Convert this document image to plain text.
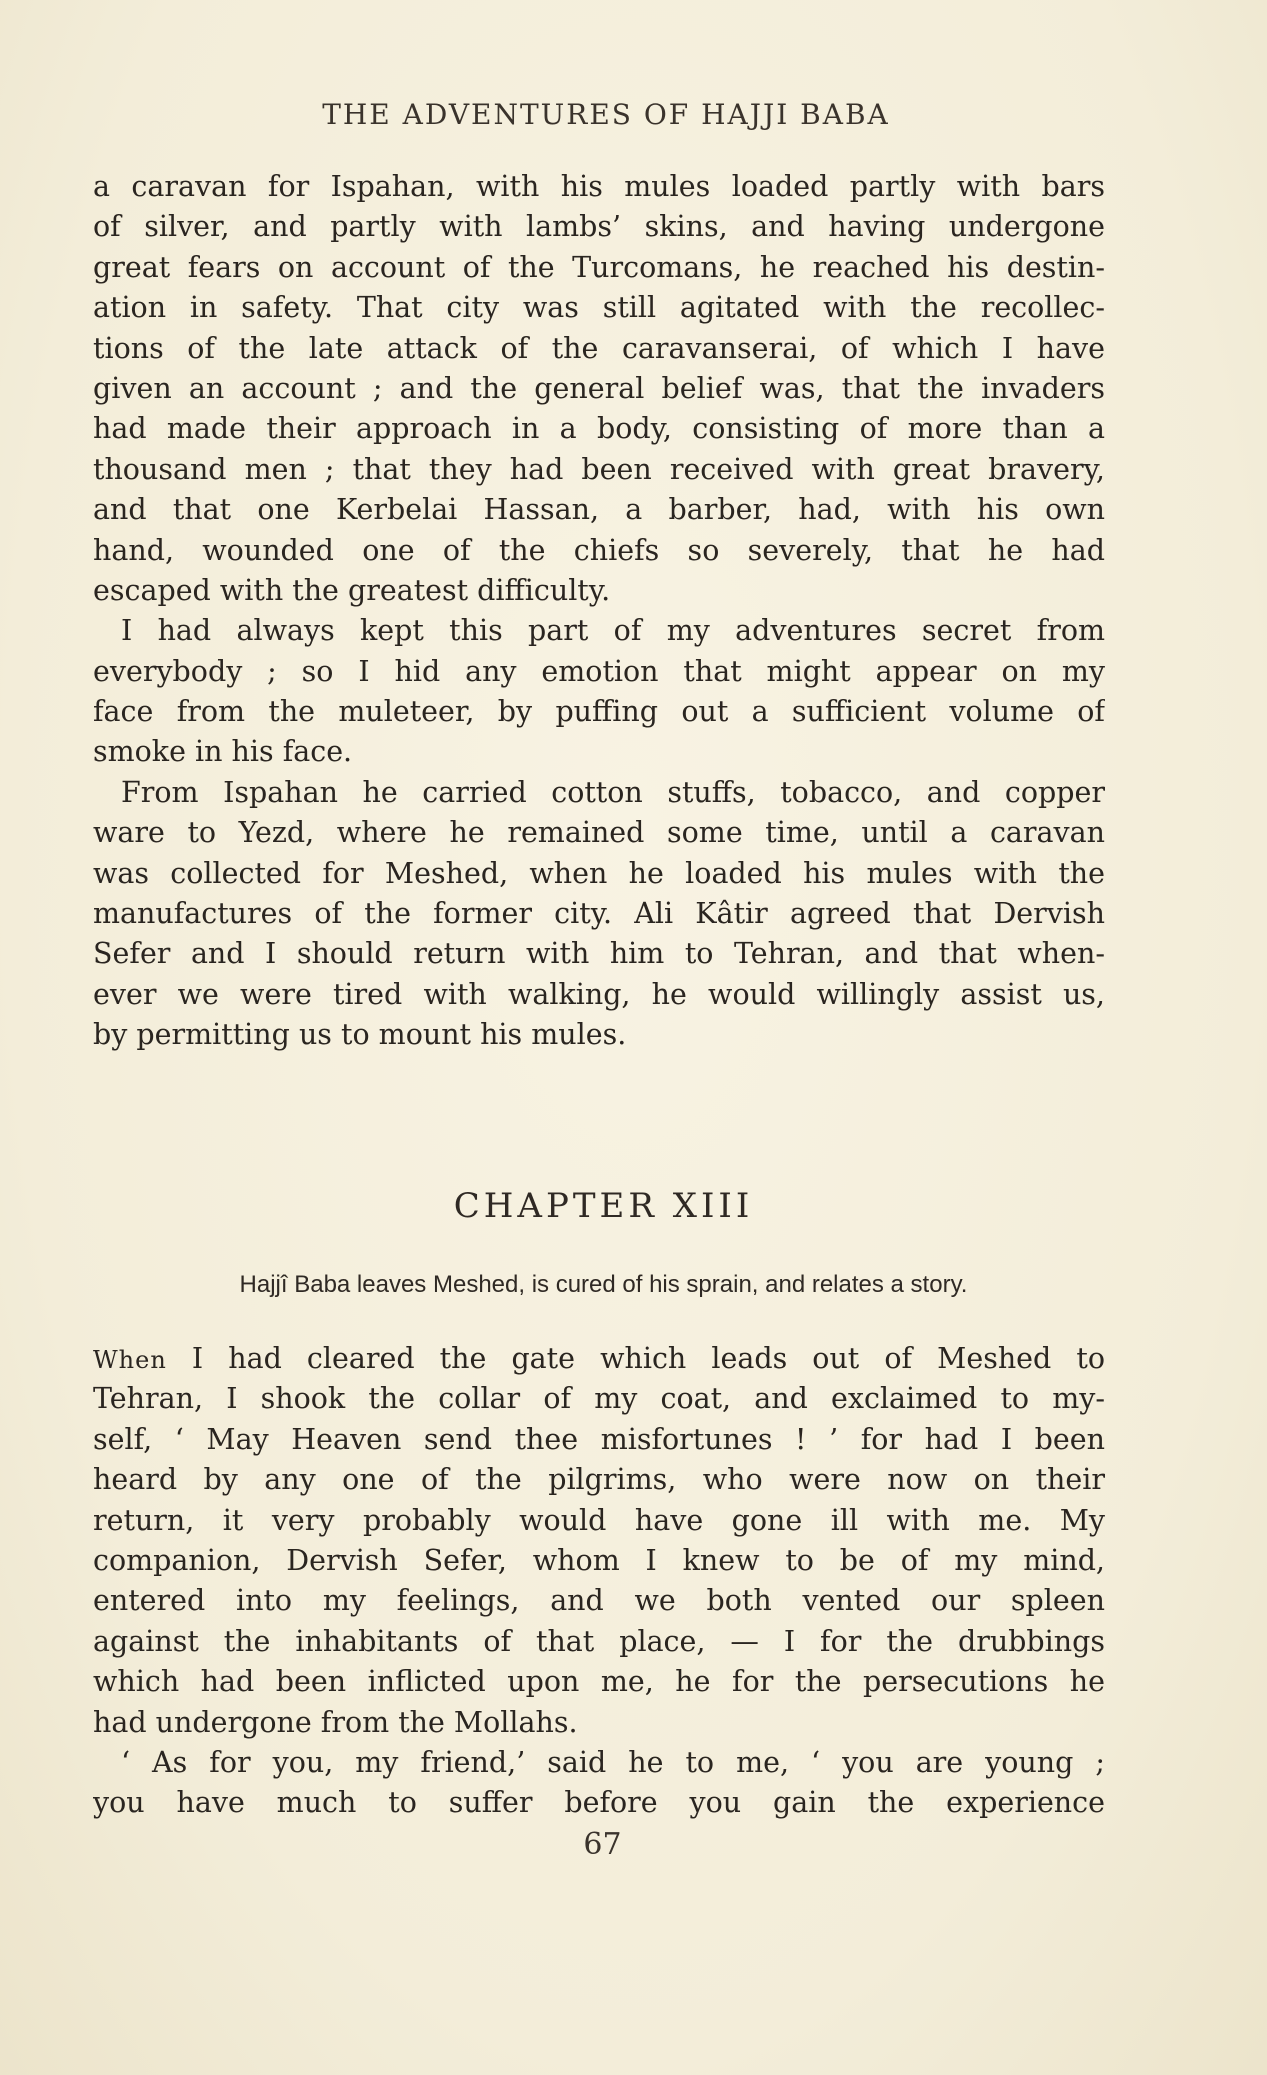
THE ADVENTURES OF HAJJI BABA
a caravan for Ispahan, with his mules loaded partly with bars
of silver, and partly with lambs’ skins, and having undergone
great fears on account of the Turcomans, he reached his destin-
ation in safety. That city was still agitated with the recollec-
tions of the late attack of the caravanserai, of which I have
given an account ; and the general belief was, that the invaders
had made their approach in a body, consisting of more than a
thousand men ; that they had been received with great bravery,
and that one Kerbelai Hassan, a barber, had, with his own
hand, wounded one of the chiefs so severely, that he had
escaped with the greatest difficulty.
I had always kept this part of my adventures secret from
everybody ; so I hid any emotion that might appear on my
face from the muleteer, by puffing out a sufficient volume of
smoke in his face.
From Ispahan he carried cotton stuffs, tobacco, and copper
ware to Yezd, where he remained some time, until a caravan
was collected for Meshed, when he loaded his mules with the
manufactures of the former city. Ali Kâtir agreed that Dervish
Sefer and I should return with him to Tehran, and that when-
ever we were tired with walking, he would willingly assist us,
by permitting us to mount his mules.
CHAPTER XIII
Hajjî Baba leaves Meshed, is cured of his sprain, and relates a story.
When I had cleared the gate which leads out of Meshed to
Tehran, I shook the collar of my coat, and exclaimed to my-
self, ‘ May Heaven send thee misfortunes ! ’ for had I been
heard by any one of the pilgrims, who were now on their
return, it very probably would have gone ill with me. My
companion, Dervish Sefer, whom I knew to be of my mind,
entered into my feelings, and we both vented our spleen
against the inhabitants of that place, — I for the drubbings
which had been inflicted upon me, he for the persecutions he
had undergone from the Mollahs.
‘ As for you, my friend,’ said he to me, ‘ you are young ;
you have much to suffer before you gain the experience
67
